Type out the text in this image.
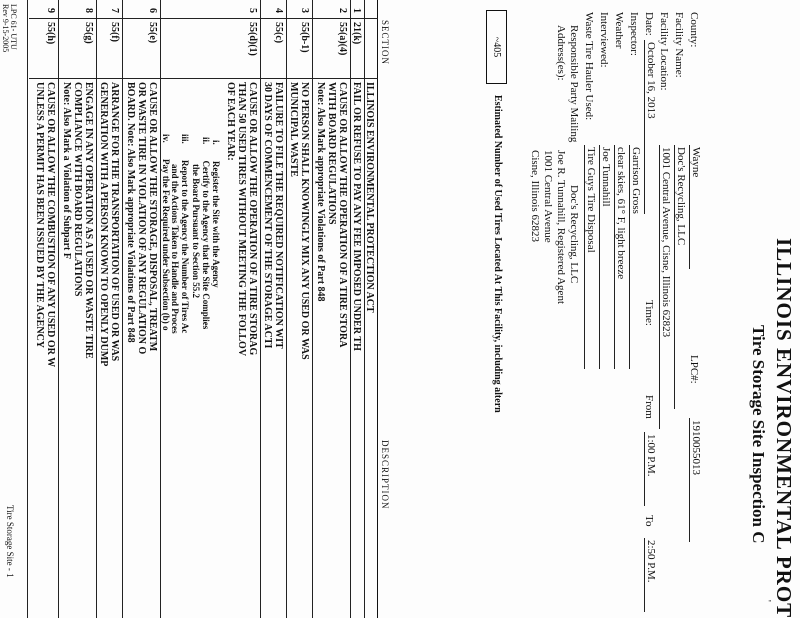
' ILLINOIS ENVIRONMENTAL PROT
Tire Storage Site Inspection C
County:
Wayne
LPC#:
1910055013
Facility Name:
Doc's Recycling, LLC
Facility Location:
1001 Central Avenue, Cisne, Illinois 62823
Date:
October 16, 2013
Time:
From
1:00 P.M.
To
2:50 P.M.
Inspector:
Garrison Gross
Weather
clear skies, 61° F, light breeze
Interviewed:
Joe Tunnahill
Waste Tire Hauler Used:
Tire Guys Tire Disposal
Responsible Party Mailing
Address(es):
Doc's Recycling, LLC
Joe R. Tunnahill, Registered Agent
1001 Central Avenue
Cisne, Illinois 62823
~405
Estimated Number of Used Tires Located At This Facility, including altern
SECTION
DESCRIPTION
ILLINOIS ENVIRONMENTAL PROTECTION ACT
1
21(k)
FAIL OR REFUSE TO PAY ANY FEE IMPOSED UNDER TH
2
55(a)(4)
CAUSE OR ALLOW THE OPERATION OF A TIRE STORA
WITH BOARD REGULATIONS
Note: Also Mark appropriate Violations of Part 848
3
55(b-1)
NO PERSON SHALL KNOWINGLY MIX ANY USED OR WAS
MUNICIPAL WASTE
4
55(c)
FAILURE TO FILE THE REQUIRED NOTIFICATION WIT
30 DAYS OF COMMENCEMENT OF THE STORAGE ACTI
5
55(d)(1)
CAUSE OR ALLOW THE OPERATION OF A TIRE STORAG
THAN 50 USED TIRES WITHOUT MEETING THE FOLLOV
OF EACH YEAR:
i. Register the Site with the Agency
ii. Certify to the Agency that the Site Complies
the Board Pursuant to Section 55.2
iii. Report to the Agency the Number of Tires Ac
and the Actions Taken to Handle and Proces
iv. Pay the Fee Required under Subsection (b) o
6
55(e)
CAUSE OR ALLOW THE STORAGE, DISPOSAL, TREATM
OR WASTE TIRE IN VIOLATION OF ANY REGULATION O
BOARD. Note: Also Mark appropriate Violations of Part 848
7
55(f)
ARRANGE FOR THE TRANSPORTATION OF USED OR WAS
GENERATION WITH A PERSON KNOWN TO OPENLY DUMP
8
55(g)
ENGAGE IN ANY OPERATION AS A USED OR WASTE TIRE
COMPLIANCE WITH BOARD REGULATIONS
Note: Also Mark a Violation of Subpart F
9
55(h)
CAUSE OR ALLOW THE COMBUSTION OF ANY USED OR W
UNLESS A PERMIT HAS BEEN ISSUED BY THE AGENCY
LPC 61- UTU
Rev 9-15-2005
Tire Storage Site - 1
